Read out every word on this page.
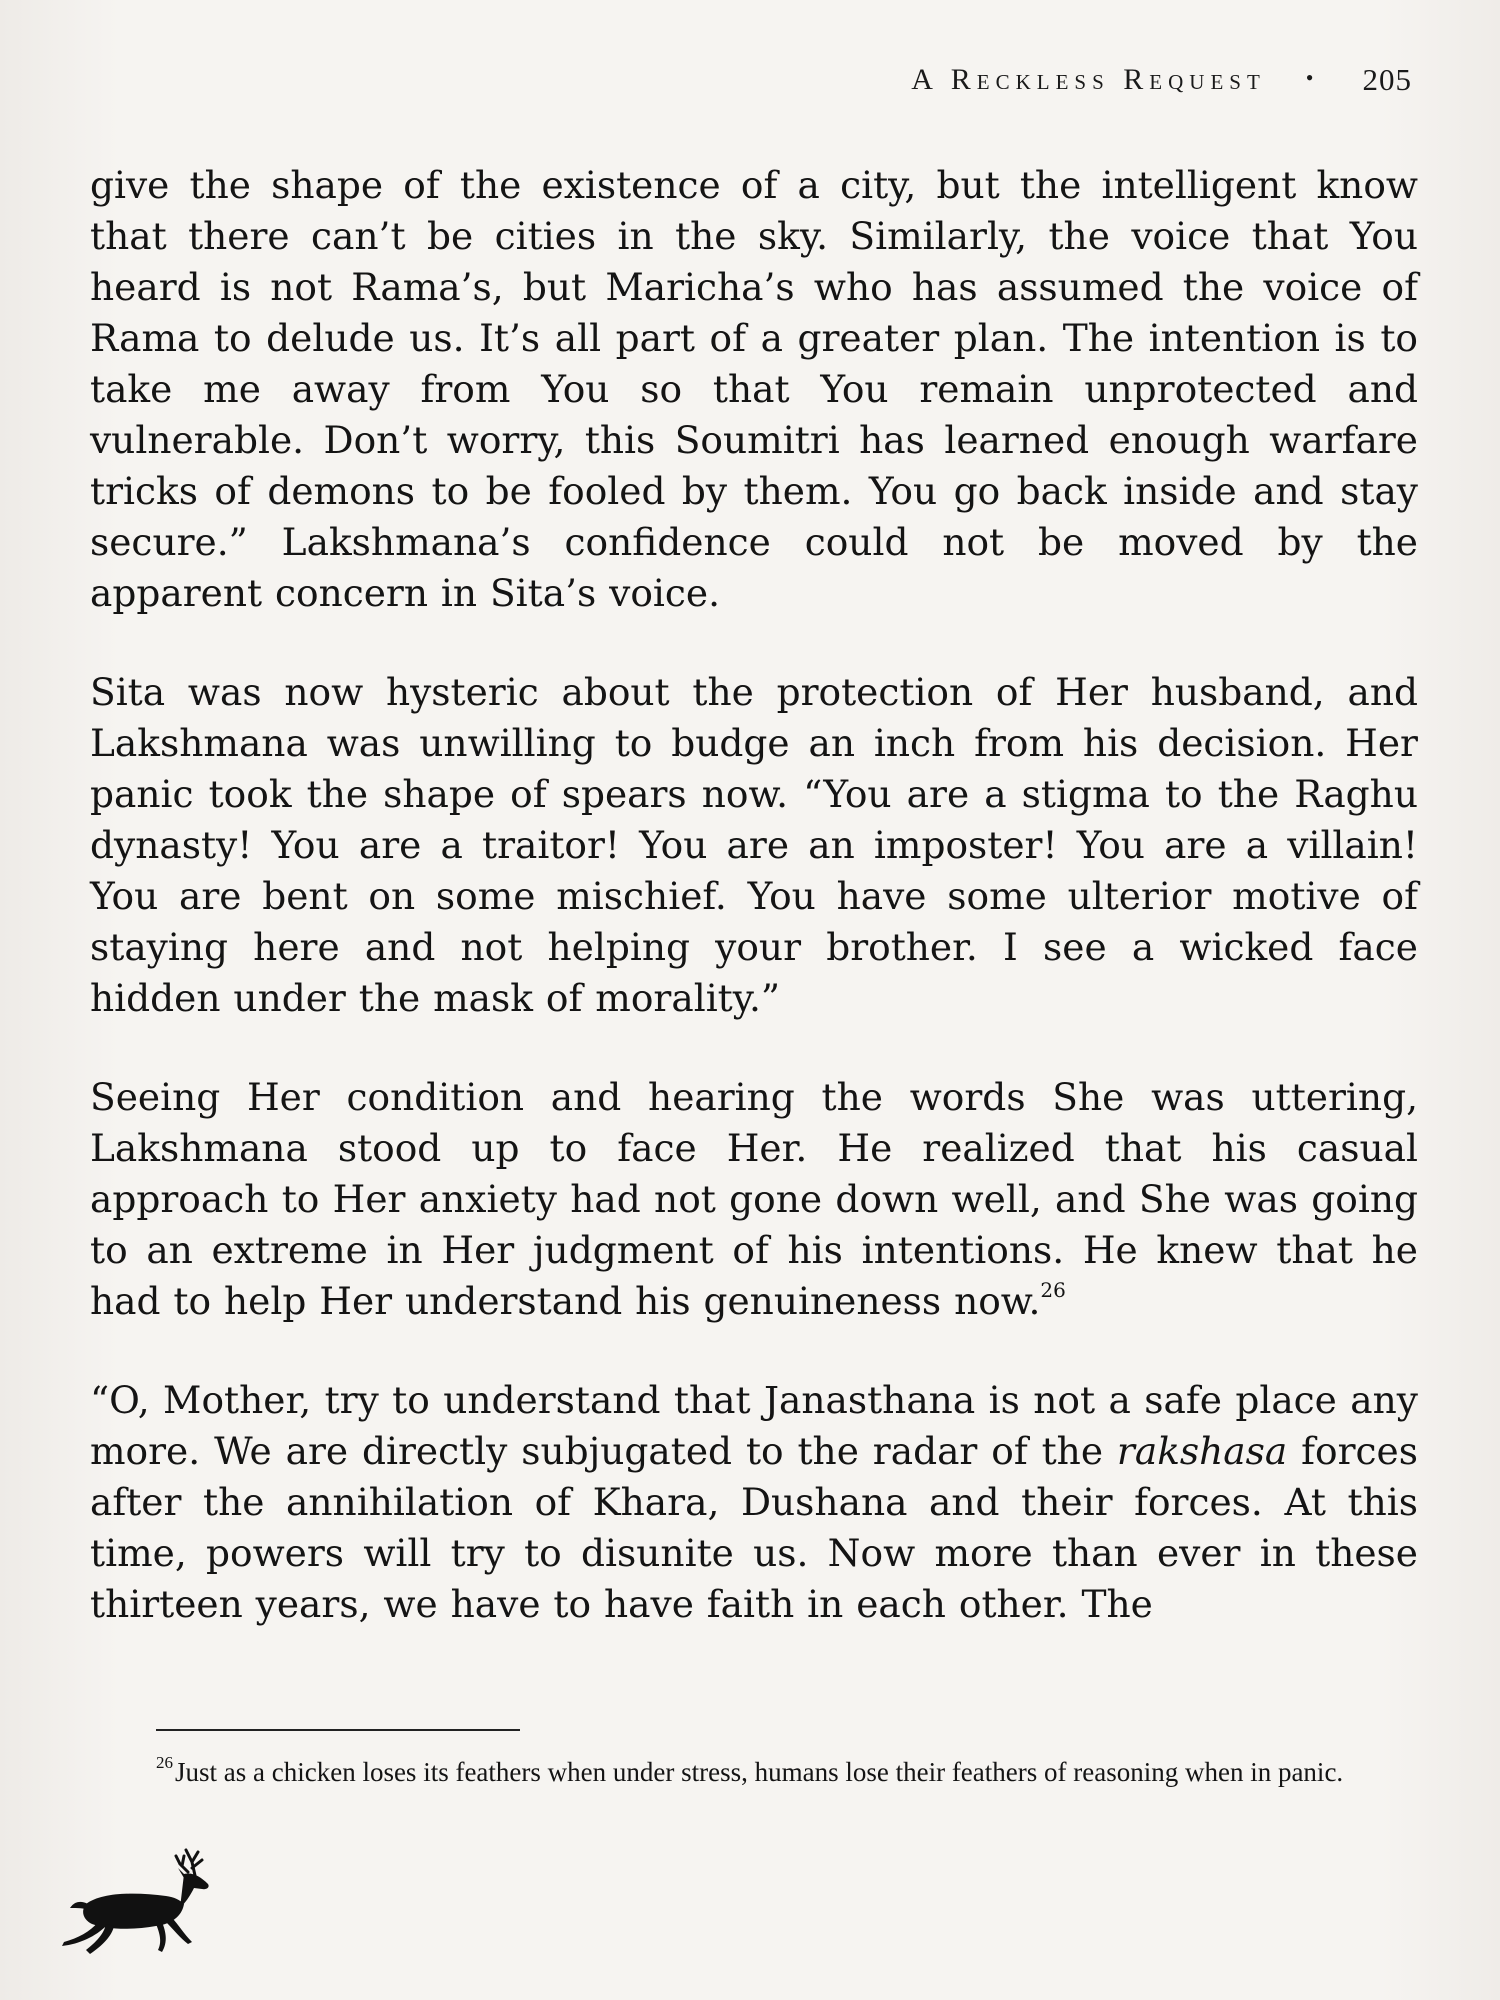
A Reckless Request • 205

give the shape of the existence of a city, but the intelligent know that there can’t be cities in the sky. Similarly, the voice that You heard is not Rama’s, but Maricha’s who has assumed the voice of Rama to delude us. It’s all part of a greater plan. The intention is to take me away from You so that You remain unprotected and vulnerable. Don’t worry, this Soumitri has learned enough warfare tricks of demons to be fooled by them. You go back inside and stay secure.” Lakshmana’s confidence could not be moved by the apparent concern in Sita’s voice.

Sita was now hysteric about the protection of Her husband, and Lakshmana was unwilling to budge an inch from his decision. Her panic took the shape of spears now. “You are a stigma to the Raghu dynasty! You are a traitor! You are an imposter! You are a villain! You are bent on some mischief. You have some ulterior motive of staying here and not helping your brother. I see a wicked face hidden under the mask of morality.”

Seeing Her condition and hearing the words She was uttering, Lakshmana stood up to face Her. He realized that his casual approach to Her anxiety had not gone down well, and She was going to an extreme in Her judgment of his intentions. He knew that he had to help Her understand his genuineness now.$^{26}$

“O, Mother, try to understand that Janasthana is not a safe place any more. We are directly subjugated to the radar of the rakshasa forces after the annihilation of Khara, Dushana and their forces. At this time, powers will try to disunite us. Now more than ever in these thirteen years, we have to have faith in each other. The

$^{26}$Just as a chicken loses its feathers when under stress, humans lose their feathers of reasoning when in panic.
